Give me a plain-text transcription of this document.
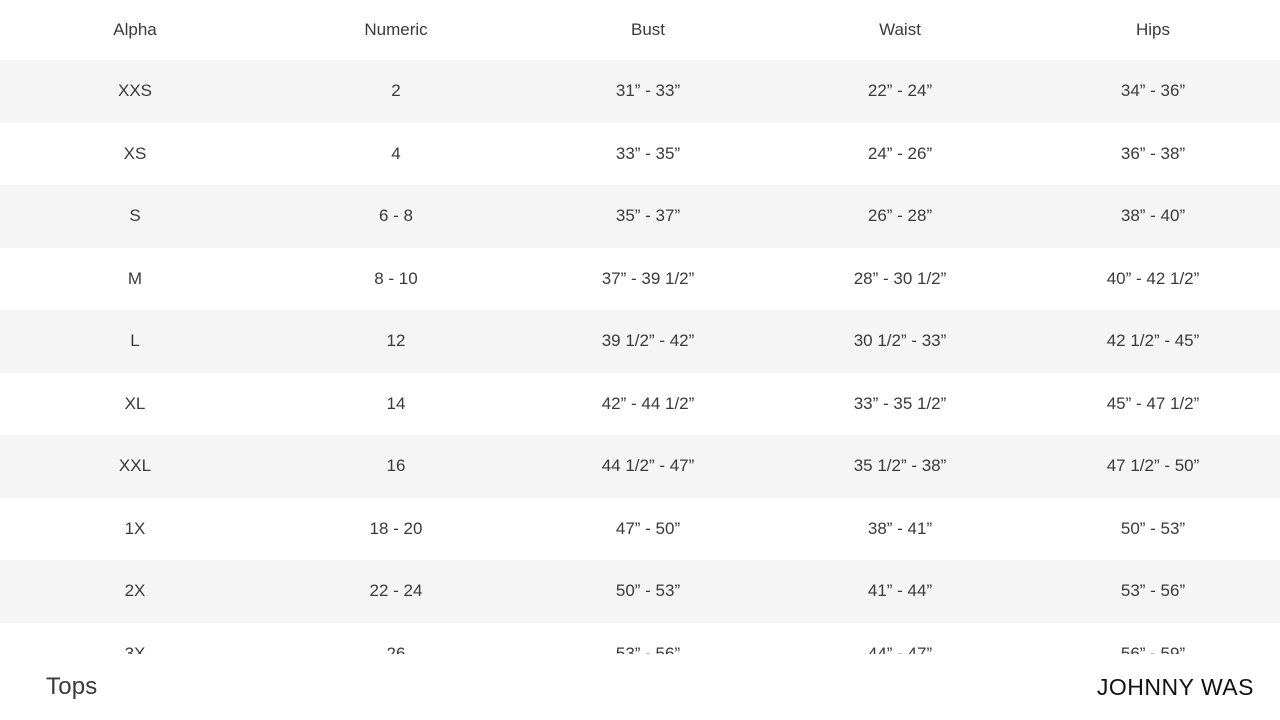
Alpha	Numeric	Bust	Waist	Hips
XXS	2	31” - 33”	22” - 24”	34” - 36”
XS	4	33” - 35”	24” - 26”	36” - 38”
S	6 - 8	35” - 37”	26” - 28”	38” - 40”
M	8 - 10	37” - 39 1/2”	28” - 30 1/2”	40” - 42 1/2”
L	12	39 1/2” - 42”	30 1/2” - 33”	42 1/2” - 45”
XL	14	42” - 44 1/2”	33” - 35 1/2”	45” - 47 1/2”
XXL	16	44 1/2” - 47”	35 1/2” - 38”	47 1/2” - 50”
1X	18 - 20	47” - 50”	38” - 41”	50” - 53”
2X	22 - 24	50” - 53”	41” - 44”	53” - 56”

Tops	JOHNNY WAS
